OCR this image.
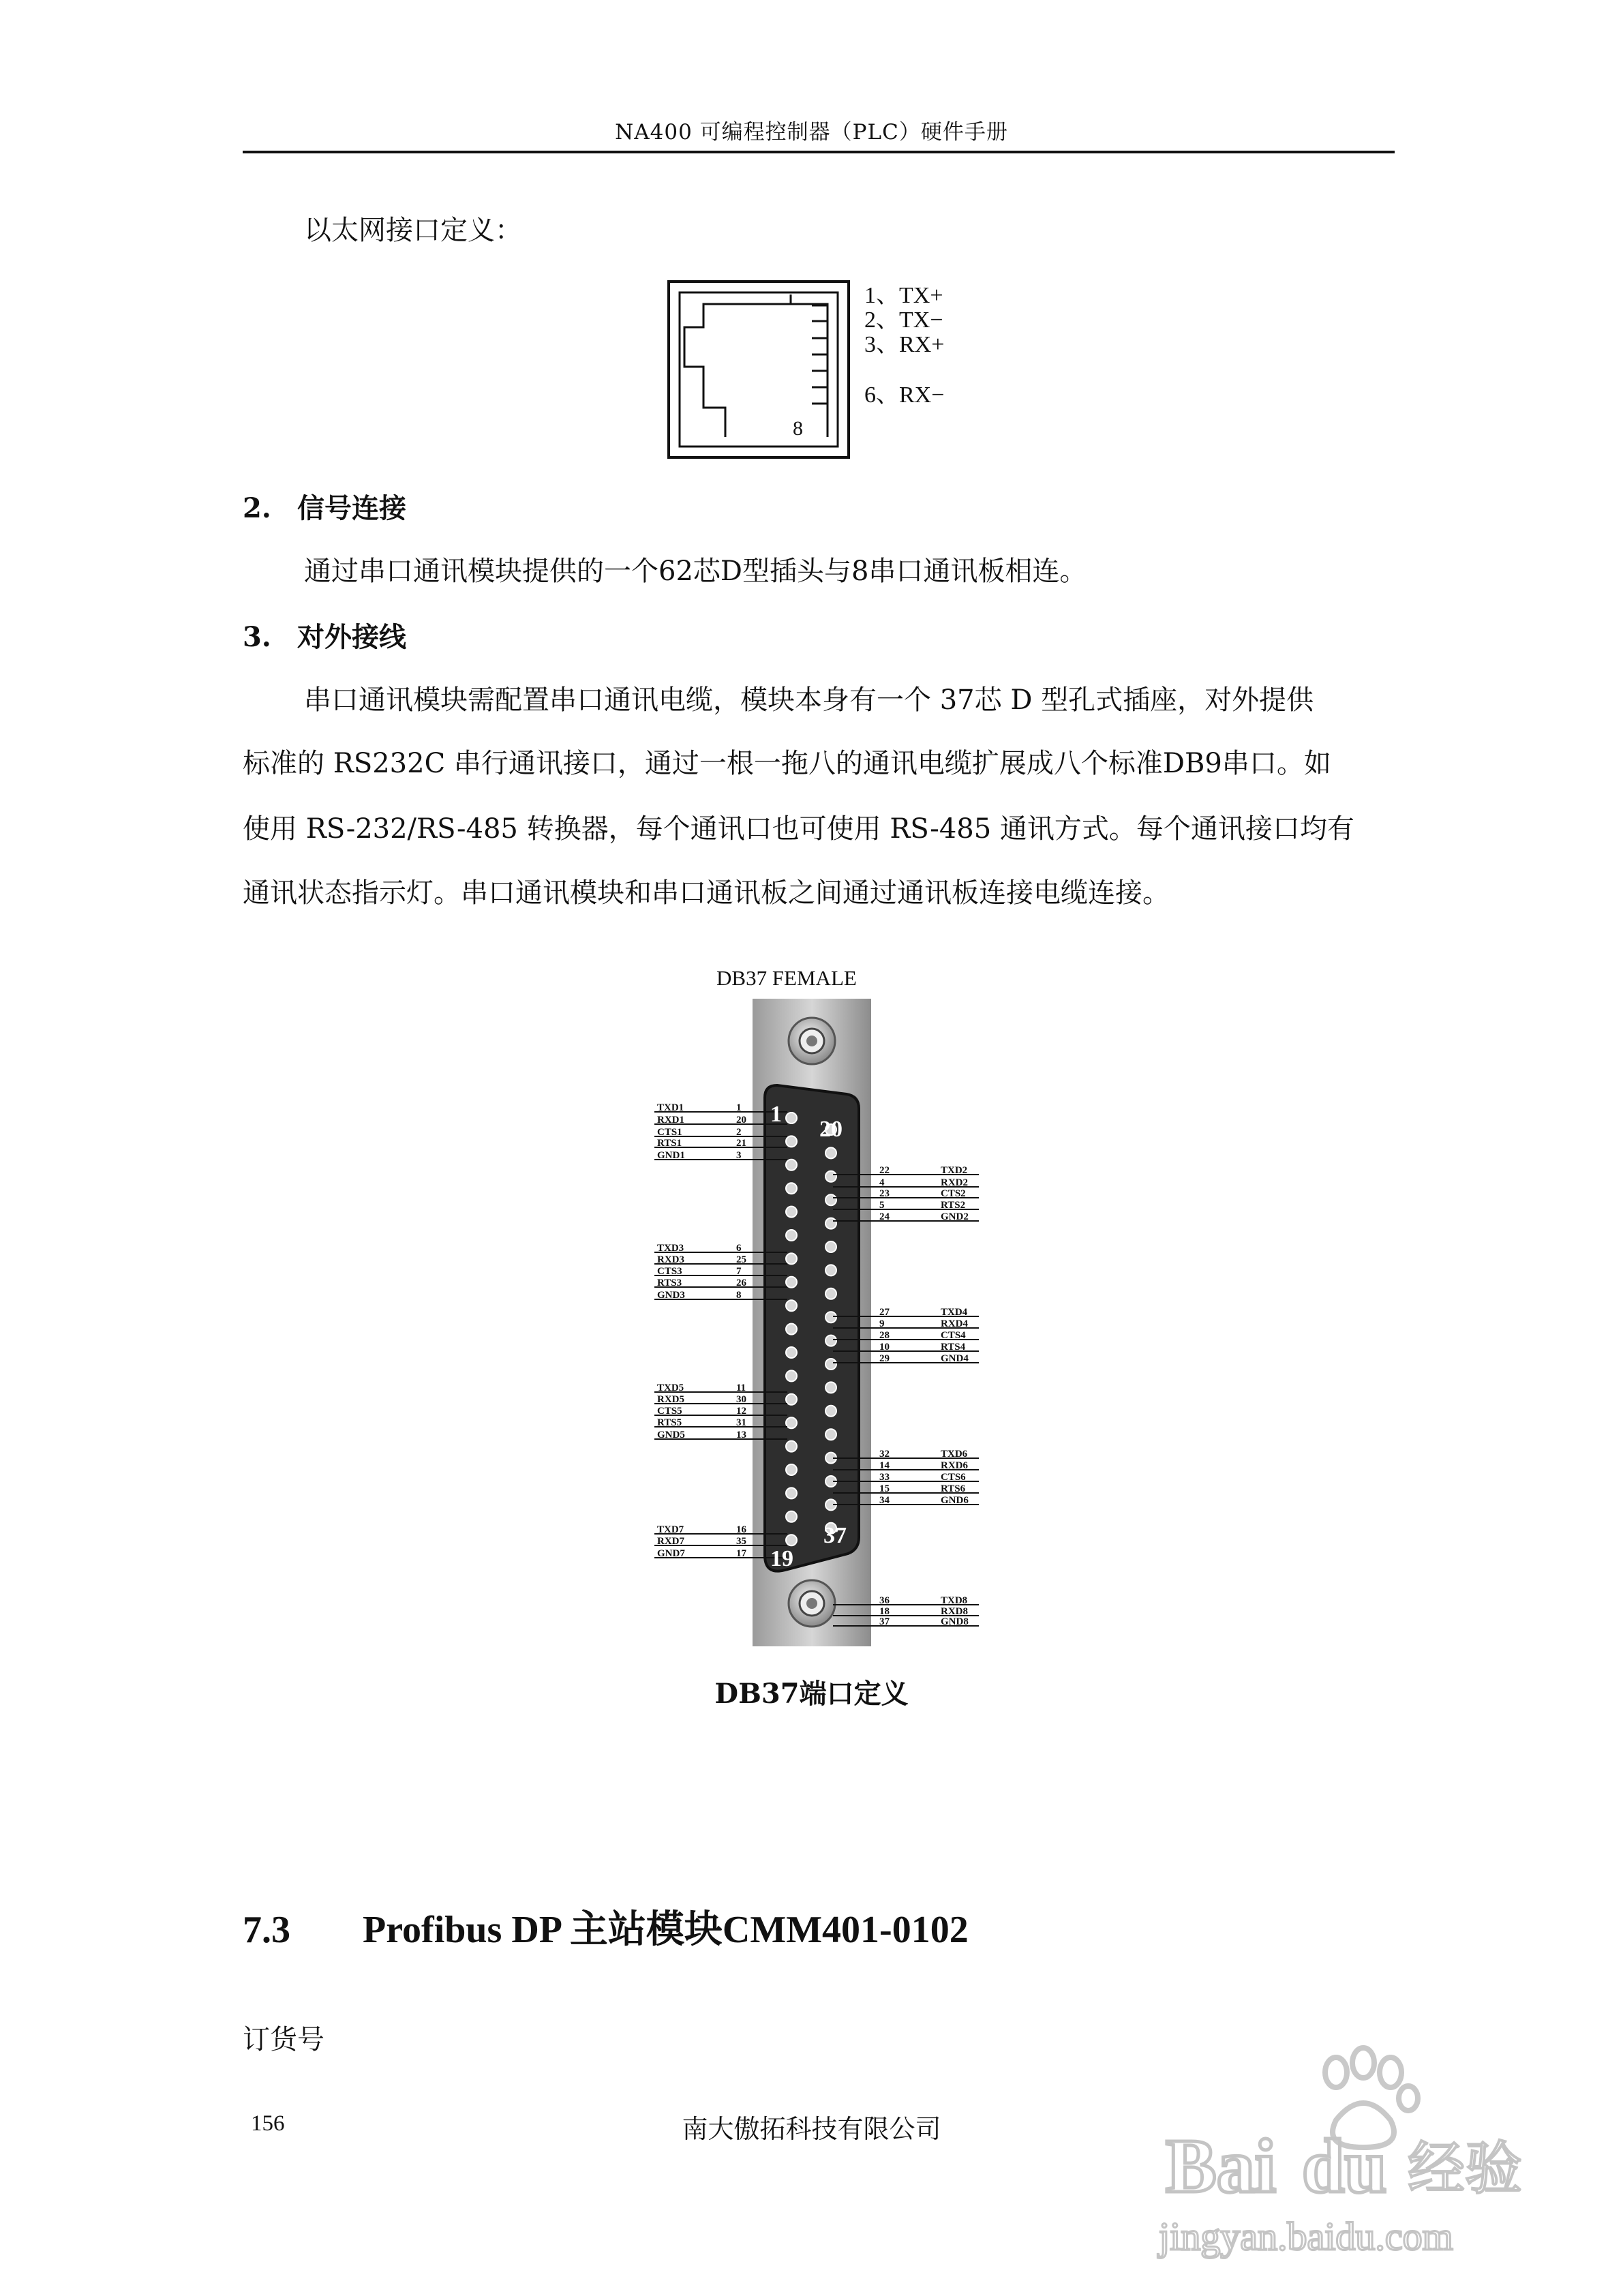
NA400 可编程控制器（PLC）硬件手册
以太网接口定义：
8
1、TX+
2、TX−
3、RX+
6、RX−
2. 信号连接
通过串口通讯模块提供的一个62芯D型插头与8串口通讯板相连。
3. 对外接线
串口通讯模块需配置串口通讯电缆，模块本身有一个 37芯 D 型孔式插座，对外提供
标准的 RS232C 串行通讯接口，通过一根一拖八的通讯电缆扩展成八个标准DB9串口。如
使用 RS-232/RS-485 转换器，每个通讯口也可使用 RS-485 通讯方式。每个通讯接口均有
通讯状态指示灯。串口通讯模块和串口通讯板之间通过通讯板连接电缆连接。
DB37 FEMALE
TXD1	1
RXD1	20
CTS1	2
RTS1	21
GND1	3
TXD3	6
RXD3	25
CTS3	7
RTS3	26
GND3	8
TXD5	11
RXD5	30
CTS5	12
RTS5	31
GND5	13
TXD7	16
RXD7	35
GND7	17
22	TXD2
4	RXD2
23	CTS2
5	RTS2
24	GND2
27	TXD4
9	RXD4
28	CTS4
10	RTS4
29	GND4
32	TXD6
14	RXD6
33	CTS6
15	RTS6
34	GND6
36	TXD8
18	RXD8
37	GND8
1
20
19
37
DB37端口定义
7.3 Profibus DP 主站模块CMM401-0102
订货号
156	南大傲拓科技有限公司	Bai du 经验
jingyan.baidu.com
